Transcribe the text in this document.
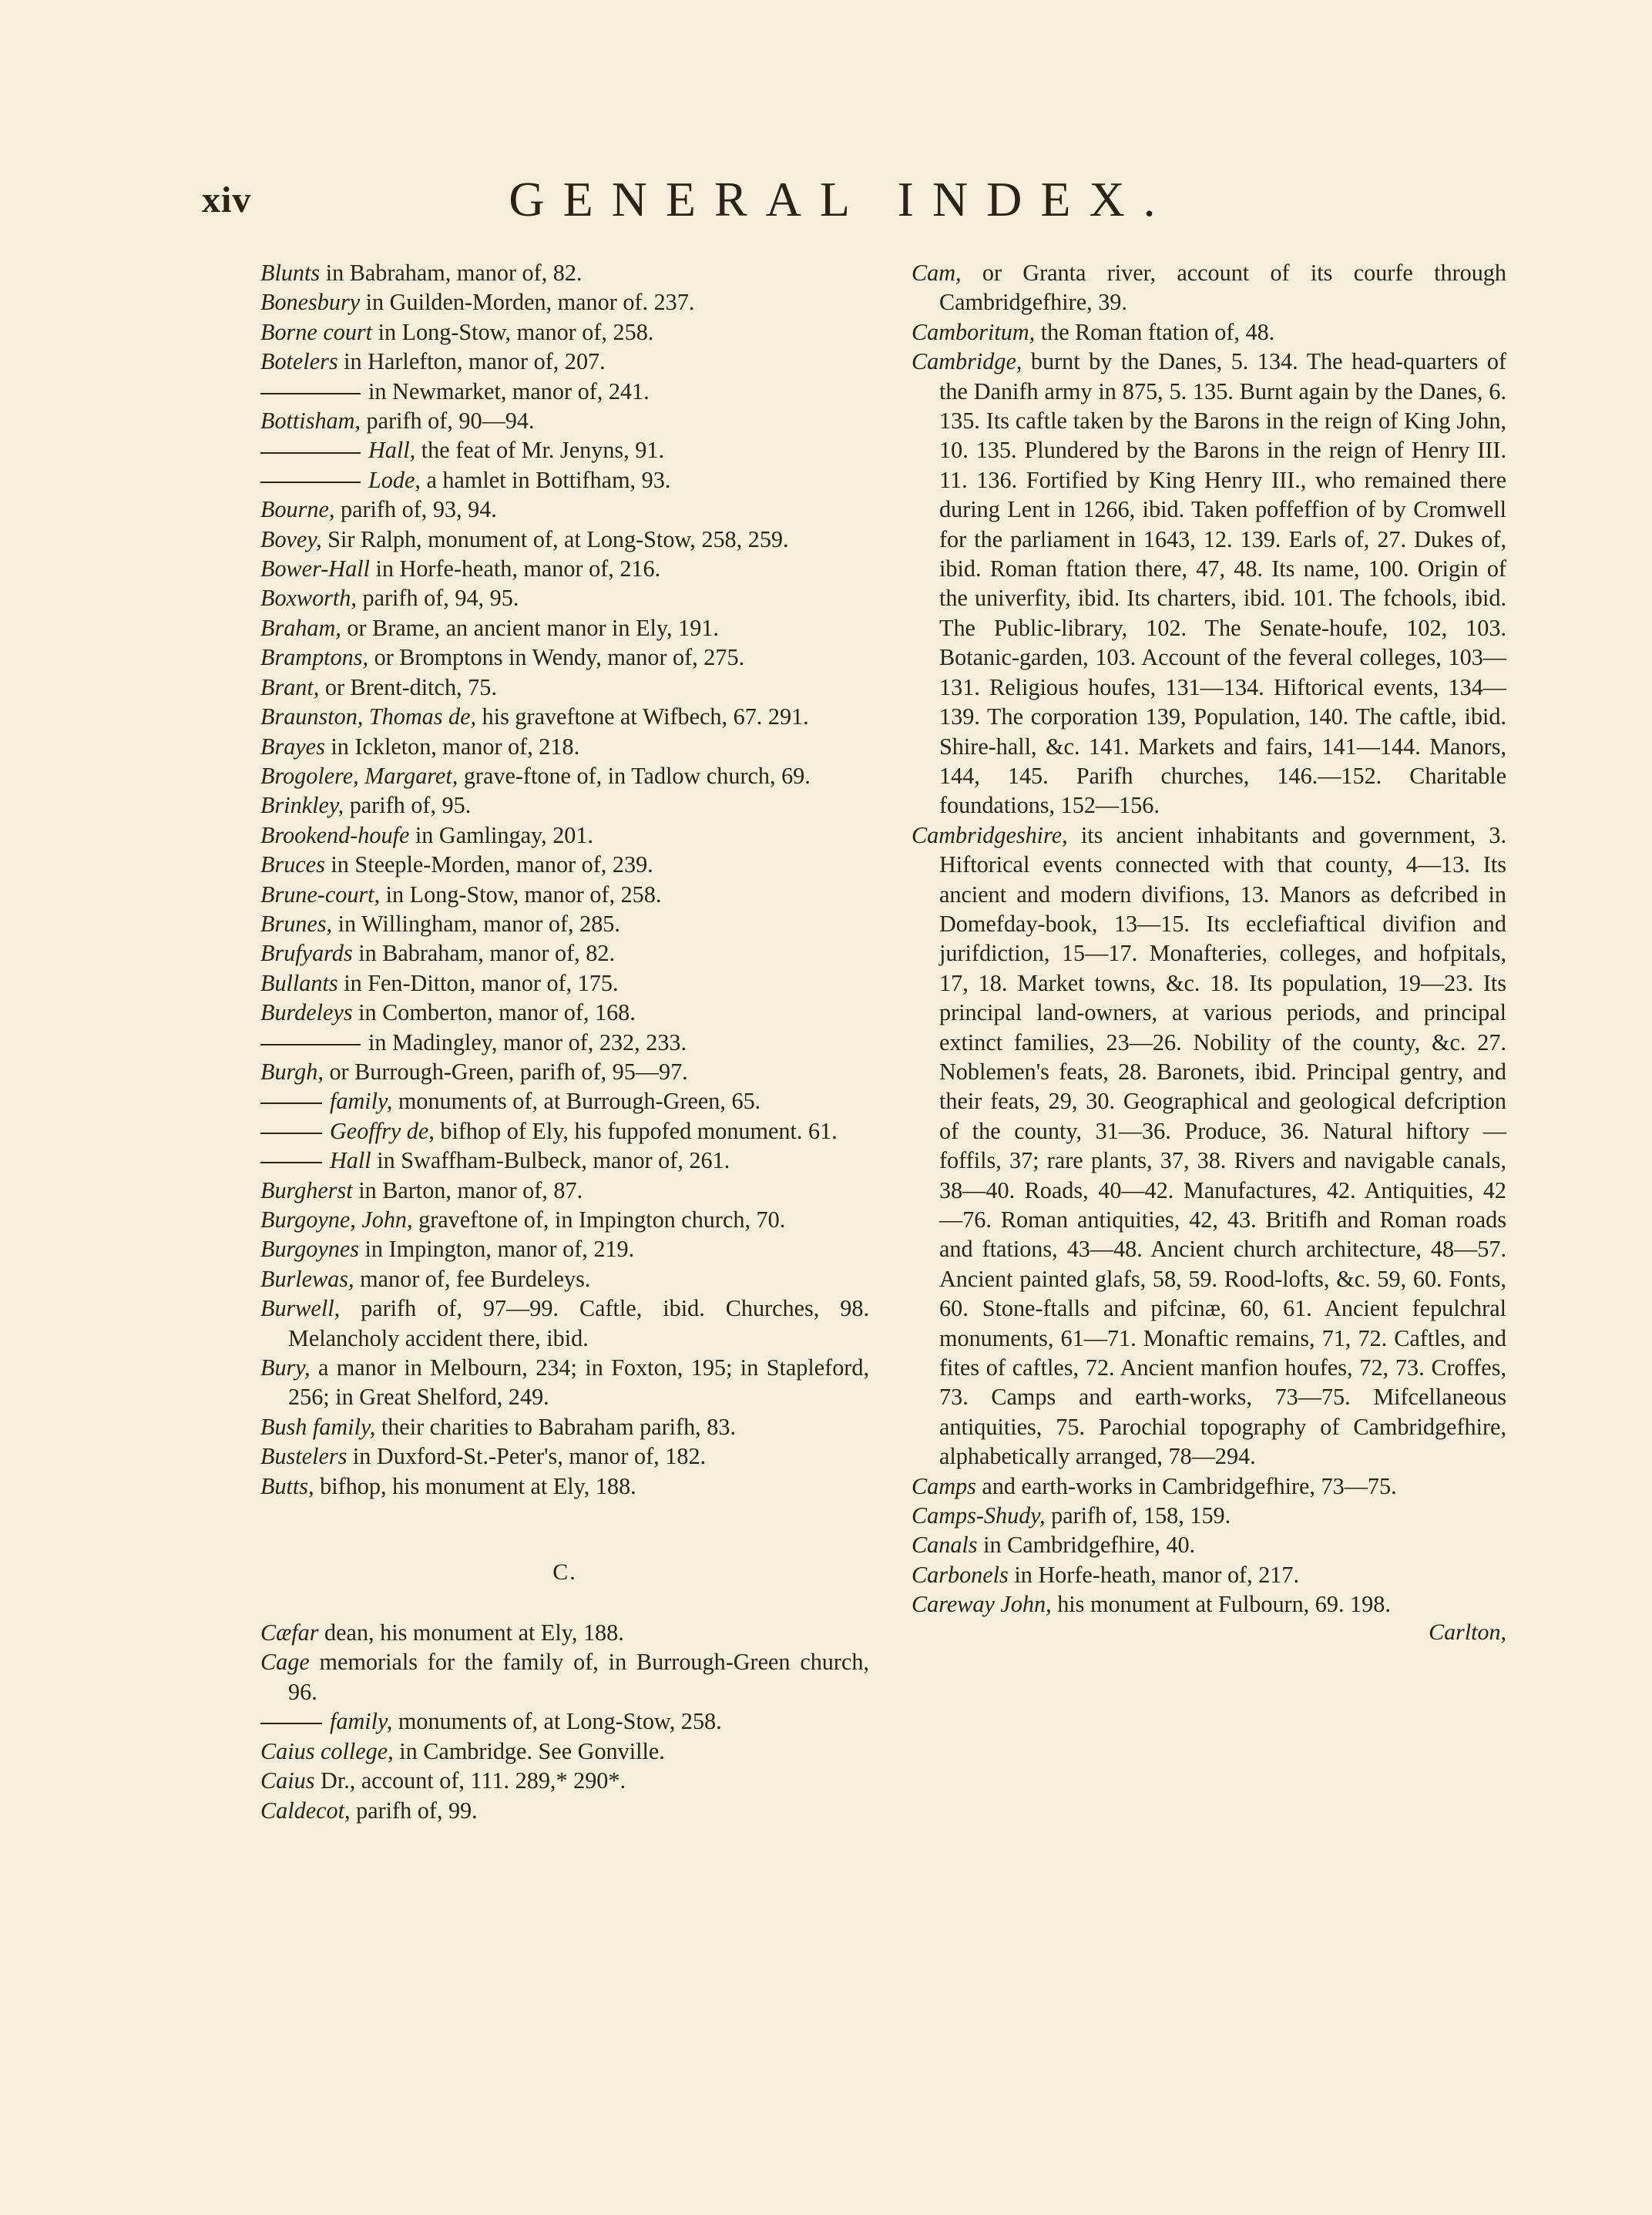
xiv	GENERAL INDEX.
Blunts in Babraham, manor of, 82.
Bonesbury in Guilden-Morden, manor of. 237.
Borne court in Long-Stow, manor of, 258.
Botelers in Harlefton, manor of, 207.
in Newmarket, manor of, 241.
Bottisham, parifh of, 90—94.
Hall, the feat of Mr. Jenyns, 91.
Lode, a hamlet in Bottifham, 93.
Bourne, parifh of, 93, 94.
Bovey, Sir Ralph, monument of, at Long-Stow, 258, 259.
Bower-Hall in Horfe-heath, manor of, 216.
Boxworth, parifh of, 94, 95.
Braham, or Brame, an ancient manor in Ely, 191.
Bramptons, or Bromptons in Wendy, manor of, 275.
Brant, or Brent-ditch, 75.
Braunston, Thomas de, his graveftone at Wifbech, 67. 291.
Brayes in Ickleton, manor of, 218.
Brogolere, Margaret, grave-ftone of, in Tadlow church, 69.
Brinkley, parifh of, 95.
Brookend-houfe in Gamlingay, 201.
Bruces in Steeple-Morden, manor of, 239.
Brune-court, in Long-Stow, manor of, 258.
Brunes, in Willingham, manor of, 285.
Brufyards in Babraham, manor of, 82.
Bullants in Fen-Ditton, manor of, 175.
Burdeleys in Comberton, manor of, 168.
in Madingley, manor of, 232, 233.
Burgh, or Burrough-Green, parifh of, 95—97.
family, monuments of, at Burrough-Green, 65.
Geoffry de, bifhop of Ely, his fuppofed monument. 61.
Hall in Swaffham-Bulbeck, manor of, 261.
Burgherst in Barton, manor of, 87.
Burgoyne, John, graveftone of, in Impington church, 70.
Burgoynes in Impington, manor of, 219.
Burlewas, manor of, fee Burdeleys.
Burwell, parifh of, 97—99. Caftle, ibid. Churches, 98. Melancholy accident there, ibid.
Bury, a manor in Melbourn, 234; in Foxton, 195; in Stapleford, 256; in Great Shelford, 249.
Bush family, their charities to Babraham parifh, 83.
Bustelers in Duxford-St.-Peter's, manor of, 182.
Butts, bifhop, his monument at Ely, 188.
C.
Cæfar dean, his monument at Ely, 188.
Cage memorials for the family of, in Burrough-Green church, 96.
family, monuments of, at Long-Stow, 258.
Caius college, in Cambridge. See Gonville.
Caius Dr., account of, 111. 289,* 290*.
Caldecot, parifh of, 99.
Cam, or Granta river, account of its courfe through Cambridgefhire, 39.
Camboritum, the Roman ftation of, 48.
Cambridge, burnt by the Danes, 5. 134. The head-quarters of the Danifh army in 875, 5. 135. Burnt again by the Danes, 6. 135. Its caftle taken by the Barons in the reign of King John, 10. 135. Plundered by the Barons in the reign of Henry III. 11. 136. Fortified by King Henry III., who remained there during Lent in 1266, ibid. Taken poffeffion of by Cromwell for the parliament in 1643, 12. 139. Earls of, 27. Dukes of, ibid. Roman ftation there, 47, 48. Its name, 100. Origin of the univerfity, ibid. Its charters, ibid. 101. The fchools, ibid. The Public-library, 102. The Senate-houfe, 102, 103. Botanic-garden, 103. Account of the feveral colleges, 103—131. Religious houfes, 131—134. Hiftorical events, 134—139. The corporation 139, Population, 140. The caftle, ibid. Shire-hall, &c. 141. Markets and fairs, 141—144. Manors, 144, 145. Parifh churches, 146.—152. Charitable foundations, 152—156.
Cambridgeshire, its ancient inhabitants and government, 3. Hiftorical events connected with that county, 4—13. Its ancient and modern divifions, 13. Manors as defcribed in Domefday-book, 13—15. Its ecclefiaftical divifion and jurifdiction, 15—17. Monafteries, colleges, and hofpitals, 17, 18. Market towns, &c. 18. Its population, 19—23. Its principal land-owners, at various periods, and principal extinct families, 23—26. Nobility of the county, &c. 27. Noblemen's feats, 28. Baronets, ibid. Principal gentry, and their feats, 29, 30. Geographical and geological defcription of the county, 31—36. Produce, 36. Natural hiftory —foffils, 37; rare plants, 37, 38. Rivers and navigable canals, 38—40. Roads, 40—42. Manufactures, 42. Antiquities, 42—76. Roman antiquities, 42, 43. Britifh and Roman roads and ftations, 43—48. Ancient church architecture, 48—57. Ancient painted glafs, 58, 59. Rood-lofts, &c. 59, 60. Fonts, 60. Stone-ftalls and pifcinæ, 60, 61. Ancient fepulchral monuments, 61—71. Monaftic remains, 71, 72. Caftles, and fites of caftles, 72. Ancient manfion houfes, 72, 73. Croffes, 73. Camps and earth-works, 73—75. Mifcellaneous antiquities, 75. Parochial topography of Cambridgefhire, alphabetically arranged, 78—294.
Camps and earth-works in Cambridgefhire, 73—75.
Camps-Shudy, parifh of, 158, 159.
Canals in Cambridgefhire, 40.
Carbonels in Horfe-heath, manor of, 217.
Careway John, his monument at Fulbourn, 69. 198.
Carlton,
